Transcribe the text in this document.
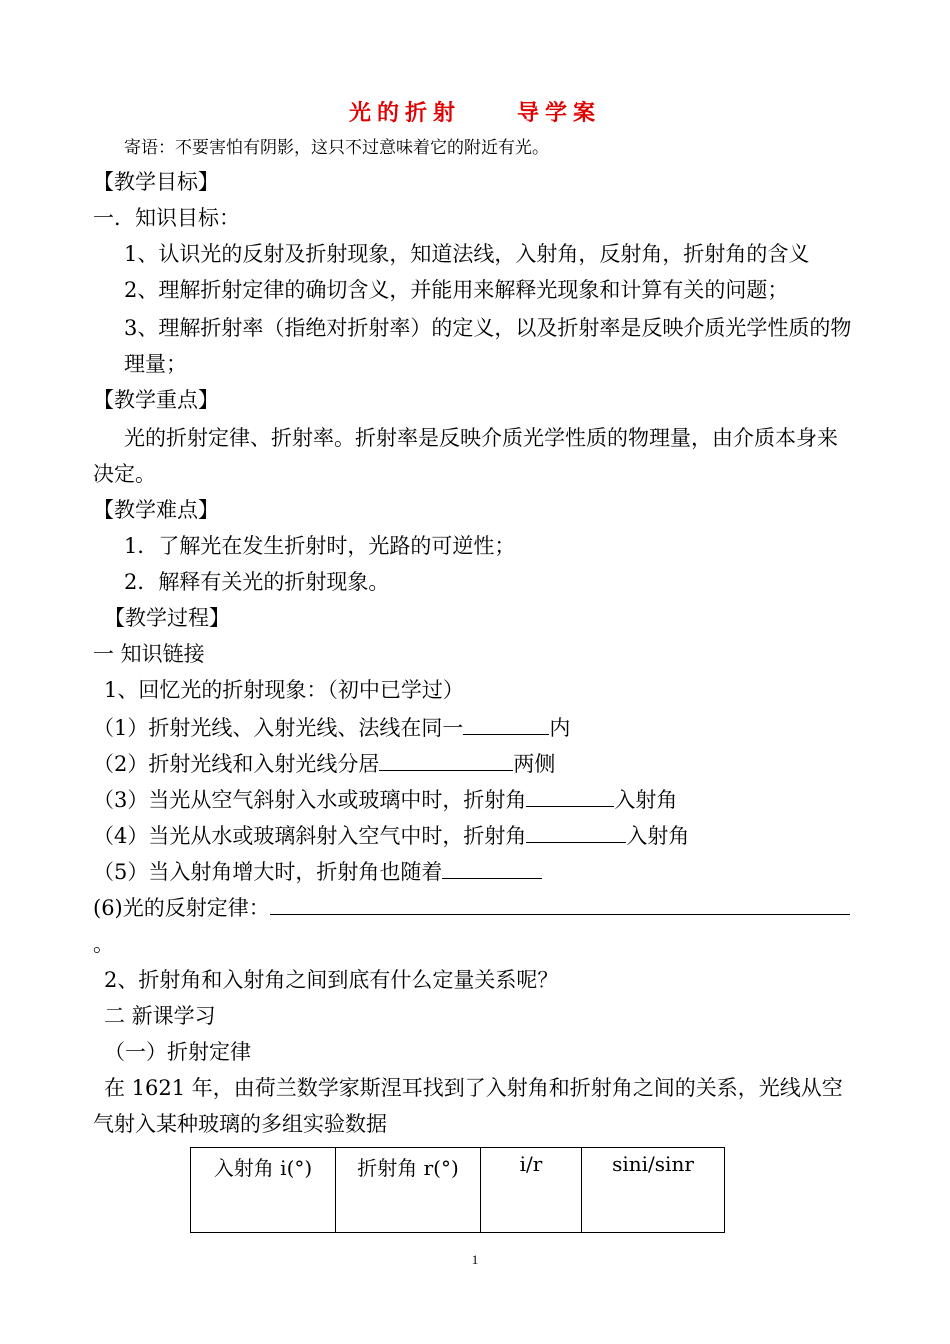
光的折射	导学案
寄语：不要害怕有阴影，这只不过意味着它的附近有光。
【教学目标】
一．知识目标：
1、认识光的反射及折射现象，知道法线，入射角，反射角，折射角的含义
2、理解折射定律的确切含义，并能用来解释光现象和计算有关的问题；
3、理解折射率（指绝对折射率）的定义，以及折射率是反映介质光学性质的物
理量；
【教学重点】
光的折射定律、折射率。折射率是反映介质光学性质的物理量，由介质本身来
决定。
【教学难点】
1．了解光在发生折射时，光路的可逆性；
2．解释有关光的折射现象。
【教学过程】
一 知识链接
1、回忆光的折射现象：（初中已学过）
（1）折射光线、入射光线、法线在同一	内
（2）折射光线和入射光线分居	两侧
（3）当光从空气斜射入水或玻璃中时，折射角	入射角
（4）当光从水或玻璃斜射入空气中时，折射角	入射角
（5）当入射角增大时，折射角也随着
(6)光的反射定律：
。
2、折射角和入射角之间到底有什么定量关系呢？
二 新课学习
（一）折射定律
在 1621 年，由荷兰数学家斯涅耳找到了入射角和折射角之间的关系，光线从空
气射入某种玻璃的多组实验数据
入射角 i(°)	折射角 r(°)	i/r	sini/sinr
1
